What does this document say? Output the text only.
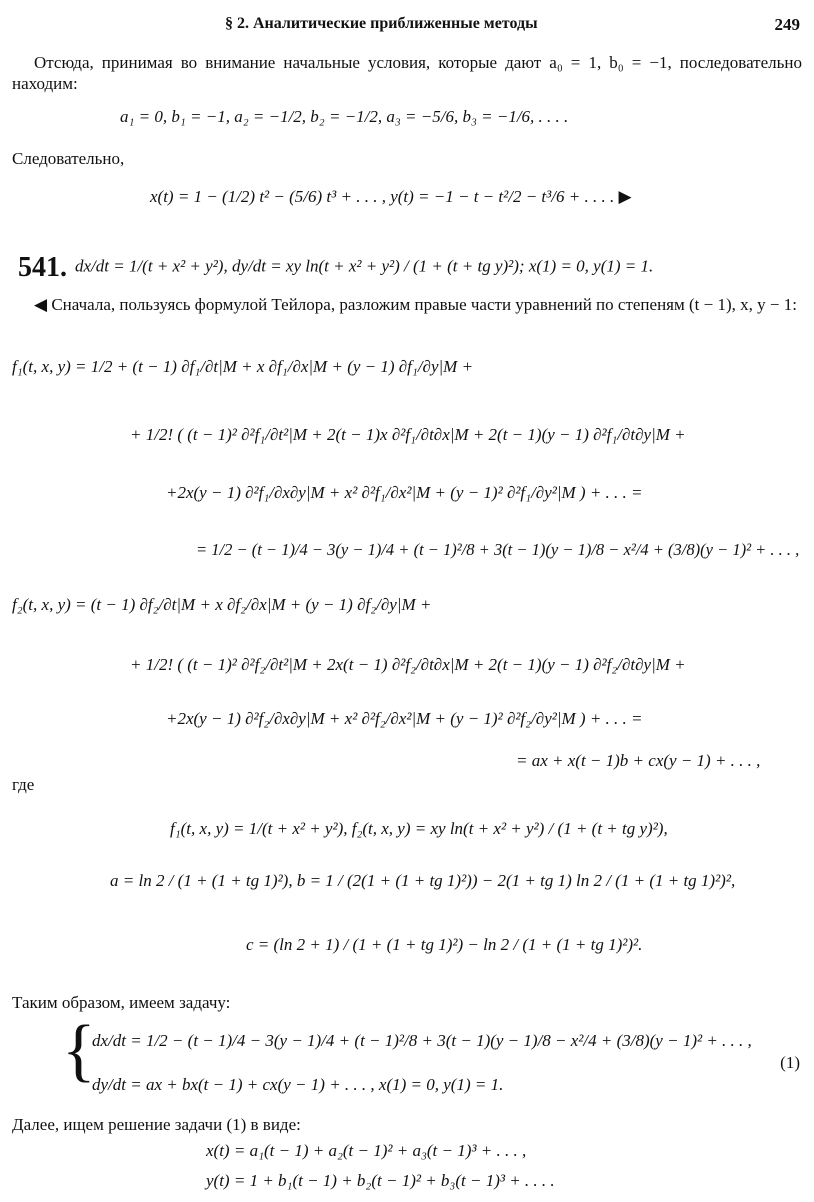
§ 2. Аналитические приближенные методы	249
Отсюда, принимая во внимание начальные условия, которые дают a₀ = 1, b₀ = −1, последовательно находим:
a₁ = 0, b₁ = −1, a₂ = −1/2, b₂ = −1/2, a₃ = −5/6, b₃ = −1/6, . . . .
Следовательно,
x(t) = 1 − (1/2) t² − (5/6) t³ + . . . , y(t) = −1 − t − t²/2 − t³/6 + . . . . ▶
541. dx/dt = 1/(t + x² + y²), dy/dt = xy ln(t + x² + y²) / (1 + (t + tg y)²); x(1) = 0, y(1) = 1.
◀ Сначала, пользуясь формулой Тейлора, разложим правые части уравнений по степеням (t − 1), x, y − 1:
f₁(t, x, y) = 1/2 + (t − 1) ∂f₁/∂t|M + x ∂f₁/∂x|M + (y − 1) ∂f₁/∂y|M +
+ 1/2! ( (t − 1)² ∂²f₁/∂t²|M + 2(t − 1)x ∂²f₁/∂t∂x|M + 2(t − 1)(y − 1) ∂²f₁/∂t∂y|M +
+2x(y − 1) ∂²f₁/∂x∂y|M + x² ∂²f₁/∂x²|M + (y − 1)² ∂²f₁/∂y²|M ) + . . . =
= 1/2 − (t − 1)/4 − 3(y − 1)/4 + (t − 1)²/8 + 3(t − 1)(y − 1)/8 − x²/4 + (3/8)(y − 1)² + . . . ,
f₂(t, x, y) = (t − 1) ∂f₂/∂t|M + x ∂f₂/∂x|M + (y − 1) ∂f₂/∂y|M +
+ 1/2! ( (t − 1)² ∂²f₂/∂t²|M + 2x(t − 1) ∂²f₂/∂t∂x|M + 2(t − 1)(y − 1) ∂²f₂/∂t∂y|M +
+2x(y − 1) ∂²f₂/∂x∂y|M + x² ∂²f₂/∂x²|M + (y − 1)² ∂²f₂/∂y²|M ) + . . . =
= ax + x(t − 1)b + cx(y − 1) + . . . ,
где
f₁(t, x, y) = 1/(t + x² + y²), f₂(t, x, y) = xy ln(t + x² + y²) / (1 + (t + tg y)²),
a = ln 2 / (1 + (1 + tg 1)²), b = 1 / (2(1 + (1 + tg 1)²)) − 2(1 + tg 1) ln 2 / (1 + (1 + tg 1)²)²,
c = (ln 2 + 1) / (1 + (1 + tg 1)²) − ln 2 / (1 + (1 + tg 1)²)².
Таким образом, имеем задачу:
{
dx/dt = 1/2 − (t − 1)/4 − 3(y − 1)/4 + (t − 1)²/8 + 3(t − 1)(y − 1)/8 − x²/4 + (3/8)(y − 1)² + . . . ,
dy/dt = ax + bx(t − 1) + cx(y − 1) + . . . , x(1) = 0, y(1) = 1.
(1)
Далее, ищем решение задачи (1) в виде:
x(t) = a₁(t − 1) + a₂(t − 1)² + a₃(t − 1)³ + . . . ,
y(t) = 1 + b₁(t − 1) + b₂(t − 1)² + b₃(t − 1)³ + . . . .
